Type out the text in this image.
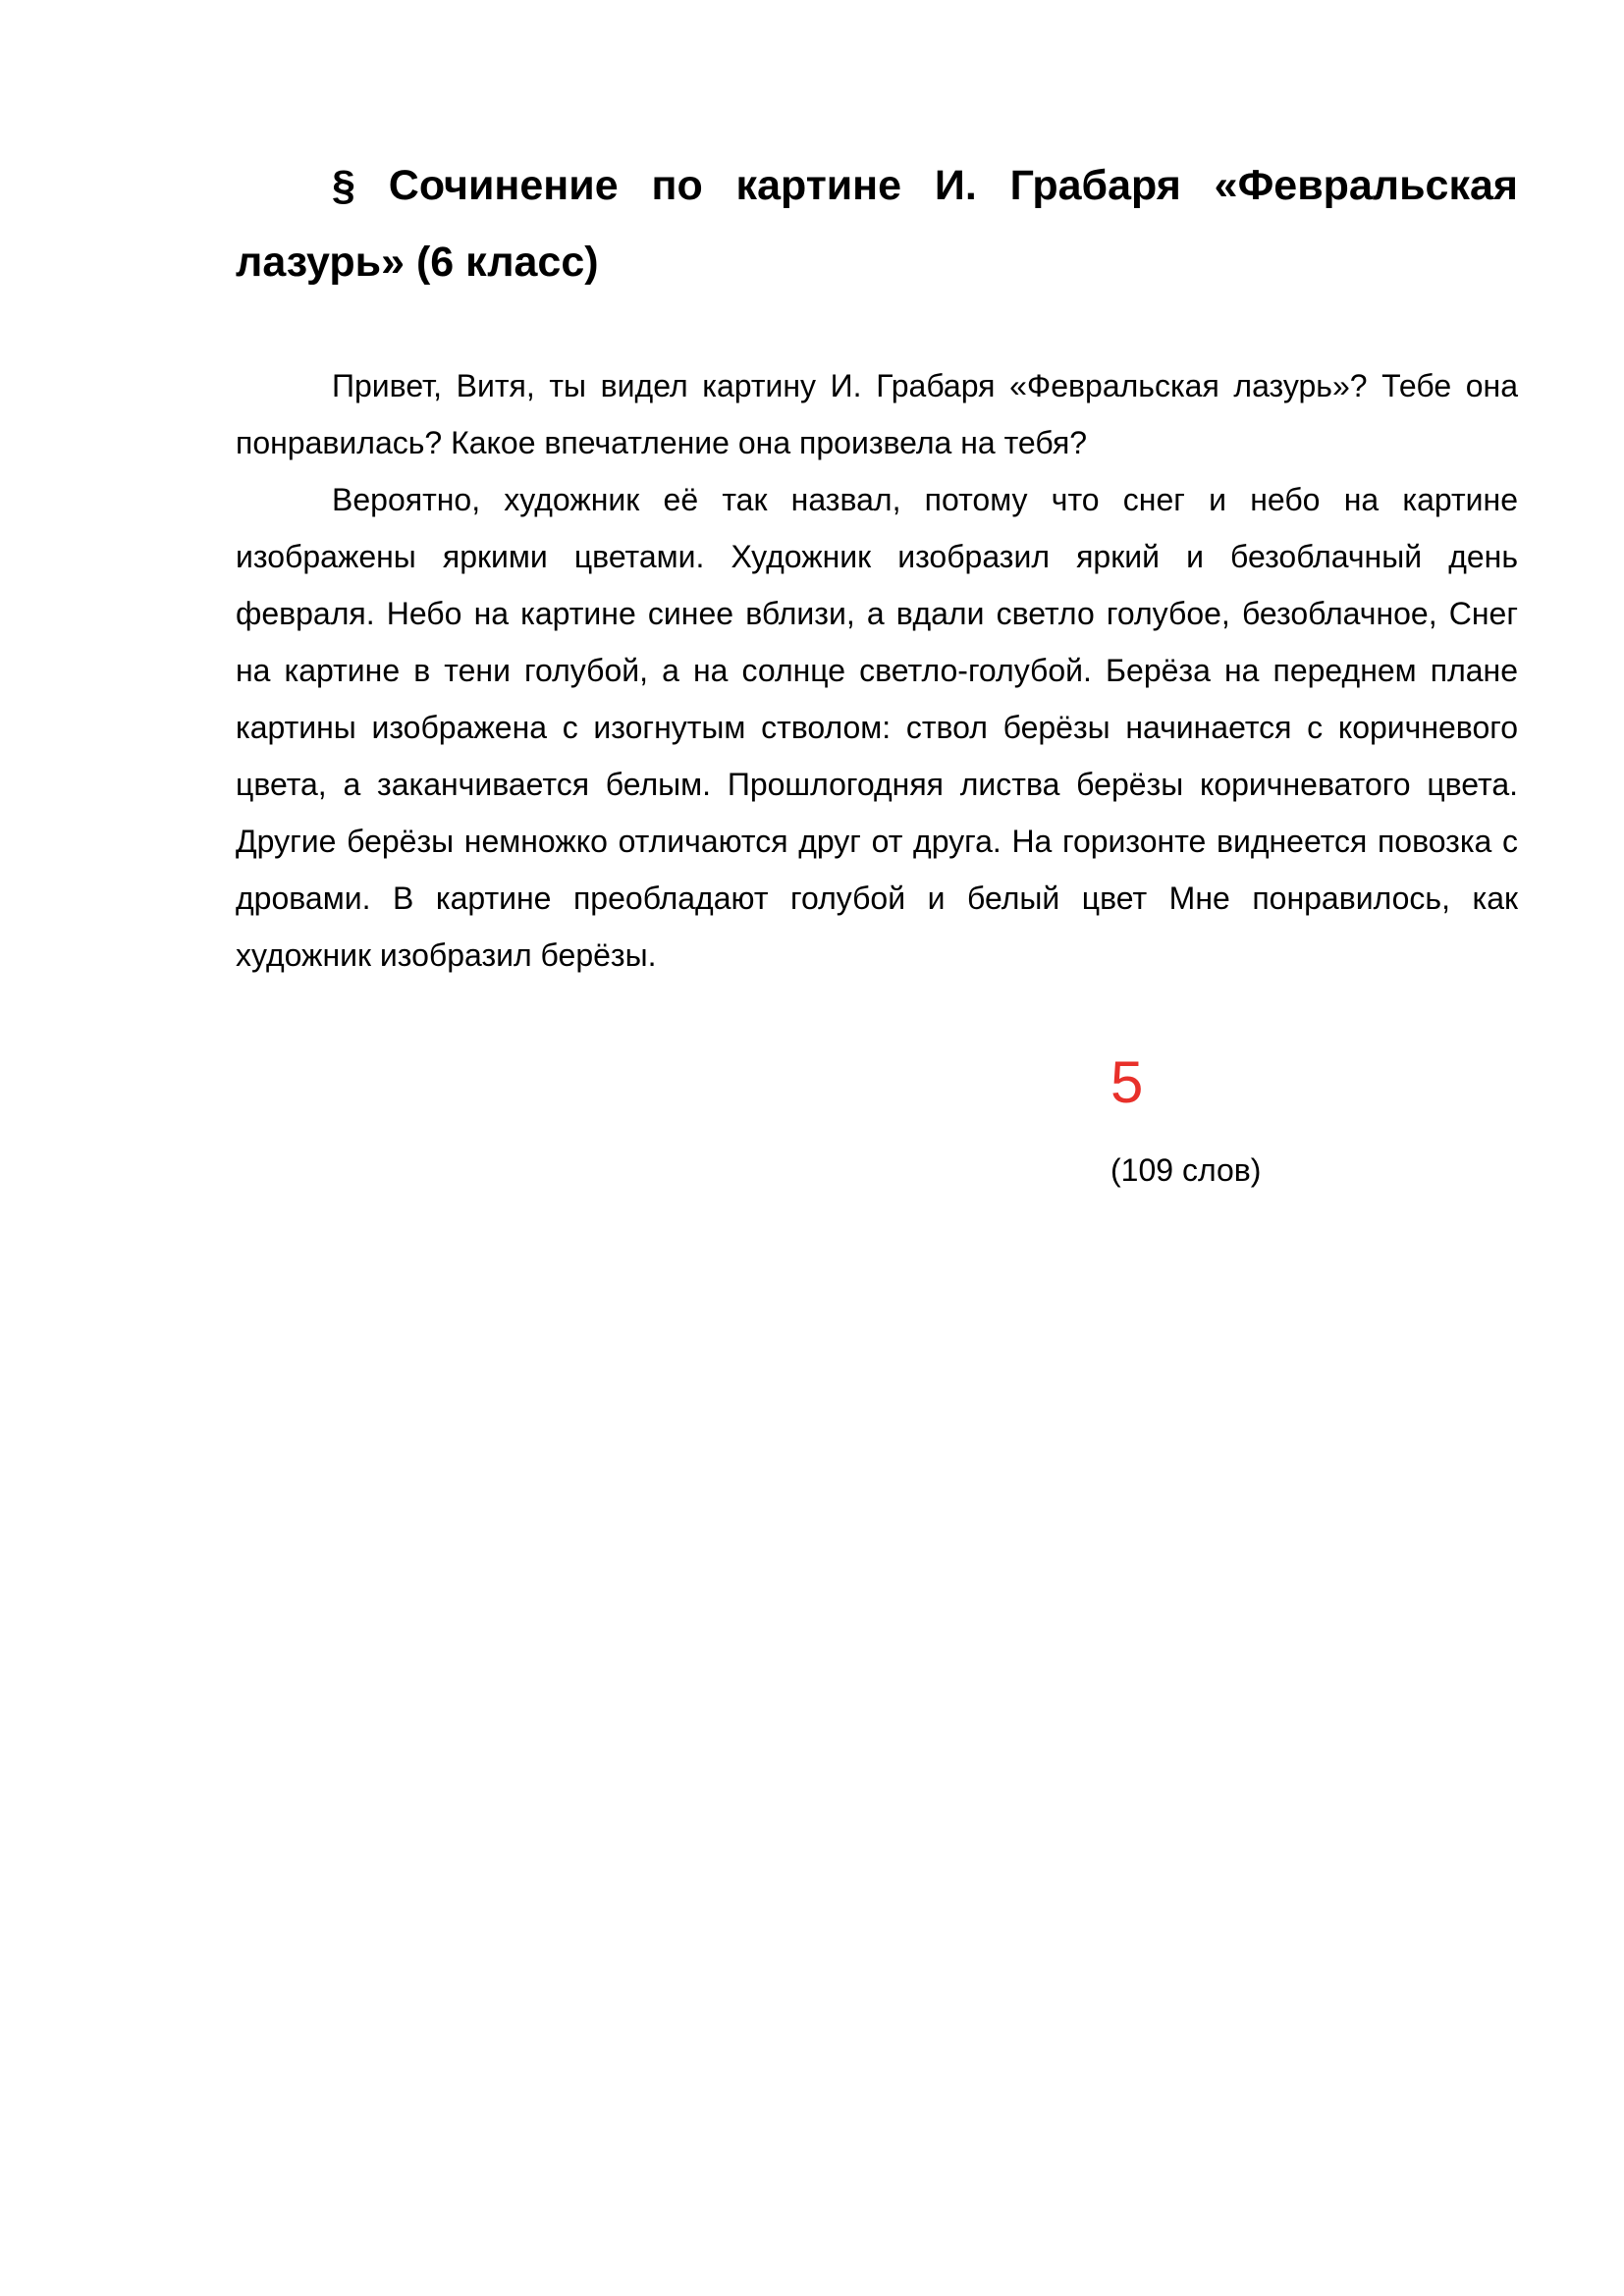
§ Сочинение по картине И. Грабаря «Февральская лазурь» (6 класс)

Привет, Витя, ты видел картину И. Грабаря «Февральская лазурь»? Тебе она понравилась? Какое впечатление она произвела на тебя?

Вероятно, художник её так назвал, потому что снег и небо на картине изображены яркими цветами. Художник изобразил яркий и безоблачный день февраля. Небо на картине синее вблизи, а вдали светло голубое, безоблачное, Снег на картине в тени голубой, а на солнце светло-голубой. Берёза на переднем плане картины изображена с изогнутым стволом: ствол берёзы начинается с коричневого цвета, а заканчивается белым. Прошлогодняя листва берёзы коричневатого цвета. Другие берёзы немножко отличаются друг от друга. На горизонте виднеется повозка с дровами. В картине преобладают голубой и белый цвет Мне понравилось, как художник изобразил берёзы.

5
(109 слов)
